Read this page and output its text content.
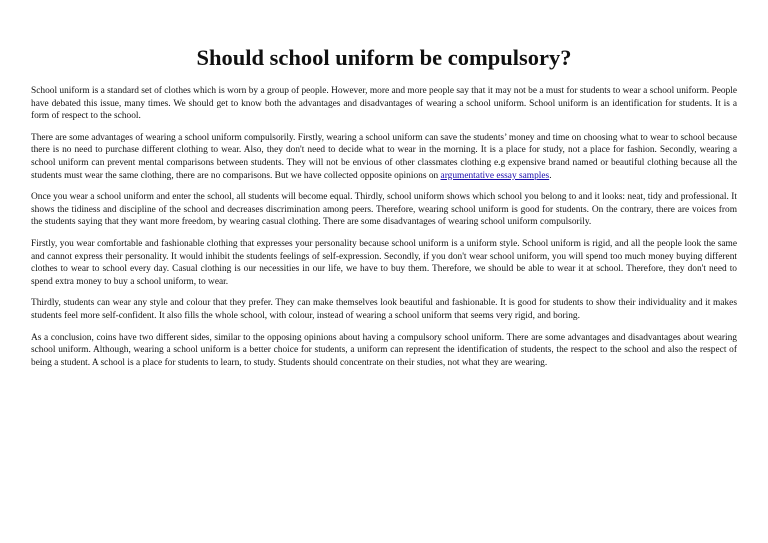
Should school uniform be compulsory?

School uniform is a standard set of clothes which is worn by a group of people. However, more and more people say that it may not be a must for students to wear a school uniform. People have debated this issue, many times. We should get to know both the advantages and disadvantages of wearing a school uniform. School uniform is an identification for students. It is a form of respect to the school.

There are some advantages of wearing a school uniform compulsorily. Firstly, wearing a school uniform can save the students’ money and time on choosing what to wear to school because there is no need to purchase different clothing to wear. Also, they don't need to decide what to wear in the morning. It is a place for study, not a place for fashion. Secondly, wearing a school uniform can prevent mental comparisons between students. They will not be envious of other classmates clothing e.g expensive brand named or beautiful clothing because all the students must wear the same clothing, there are no comparisons. But we have collected opposite opinions on argumentative essay samples.

Once you wear a school uniform and enter the school, all students will become equal. Thirdly, school uniform shows which school you belong to and it looks: neat, tidy and professional. It shows the tidiness and discipline of the school and decreases discrimination among peers. Therefore, wearing school uniform is good for students. On the contrary, there are voices from the students saying that they want more freedom, by wearing casual clothing. There are some disadvantages of wearing school uniform compulsorily.

Firstly, you wear comfortable and fashionable clothing that expresses your personality because school uniform is a uniform style. School uniform is rigid, and all the people look the same and cannot express their personality. It would inhibit the students feelings of self-expression. Secondly, if you don't wear school uniform, you will spend too much money buying different clothes to wear to school every day. Casual clothing is our necessities in our life, we have to buy them. Therefore, we should be able to wear it at school. Therefore, they don't need to spend extra money to buy a school uniform, to wear.

Thirdly, students can wear any style and colour that they prefer. They can make themselves look beautiful and fashionable. It is good for students to show their individuality and it makes students feel more self-confident. It also fills the whole school, with colour, instead of wearing a school uniform that seems very rigid, and boring.

As a conclusion, coins have two different sides, similar to the opposing opinions about having a compulsory school uniform. There are some advantages and disadvantages about wearing school uniform. Although, wearing a school uniform is a better choice for students, a uniform can represent the identification of students, the respect to the school and also the respect of being a student. A school is a place for students to learn, to study. Students should concentrate on their studies, not what they are wearing.
